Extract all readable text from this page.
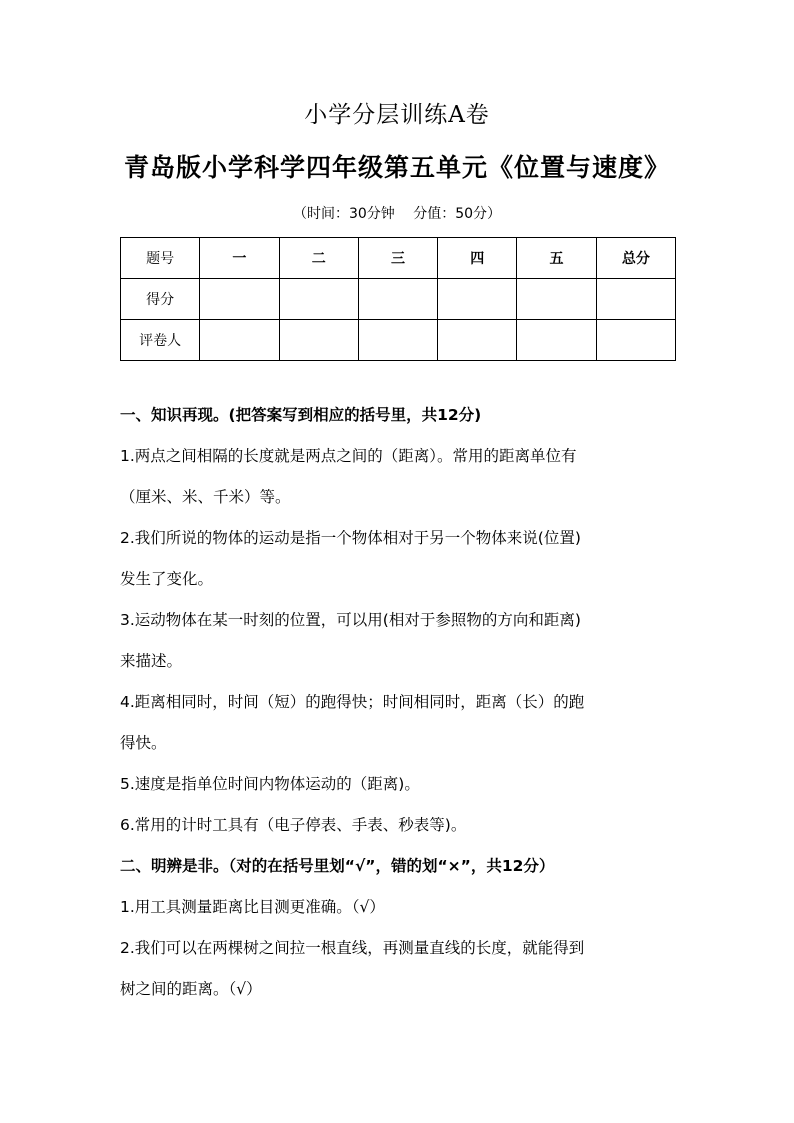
小学分层训练A卷
青岛版小学科学四年级第五单元《位置与速度》
（时间：30分钟　 分值：50分）
题号	一	二	三	四	五	总分
得分						
评卷人						
一、知识再现。(把答案写到相应的括号里，共12分)
1.两点之间相隔的长度就是两点之间的（距离）。常用的距离单位有
（厘米、米、千米）等。
2.我们所说的物体的运动是指一个物体相对于另一个物体来说(位置)
发生了变化。
3.运动物体在某一时刻的位置，可以用(相对于参照物的方向和距离)
来描述。
4.距离相同时，时间（短）的跑得快；时间相同时，距离（长）的跑
得快。
5.速度是指单位时间内物体运动的（距离)。
6.常用的计时工具有（电子停表、手表、秒表等)。
二、明辨是非。（对的在括号里划“√”，错的划“×”，共12分）
1.用工具测量距离比目测更准确。（√）
2.我们可以在两棵树之间拉一根直线，再测量直线的长度，就能得到
树之间的距离。（√）
